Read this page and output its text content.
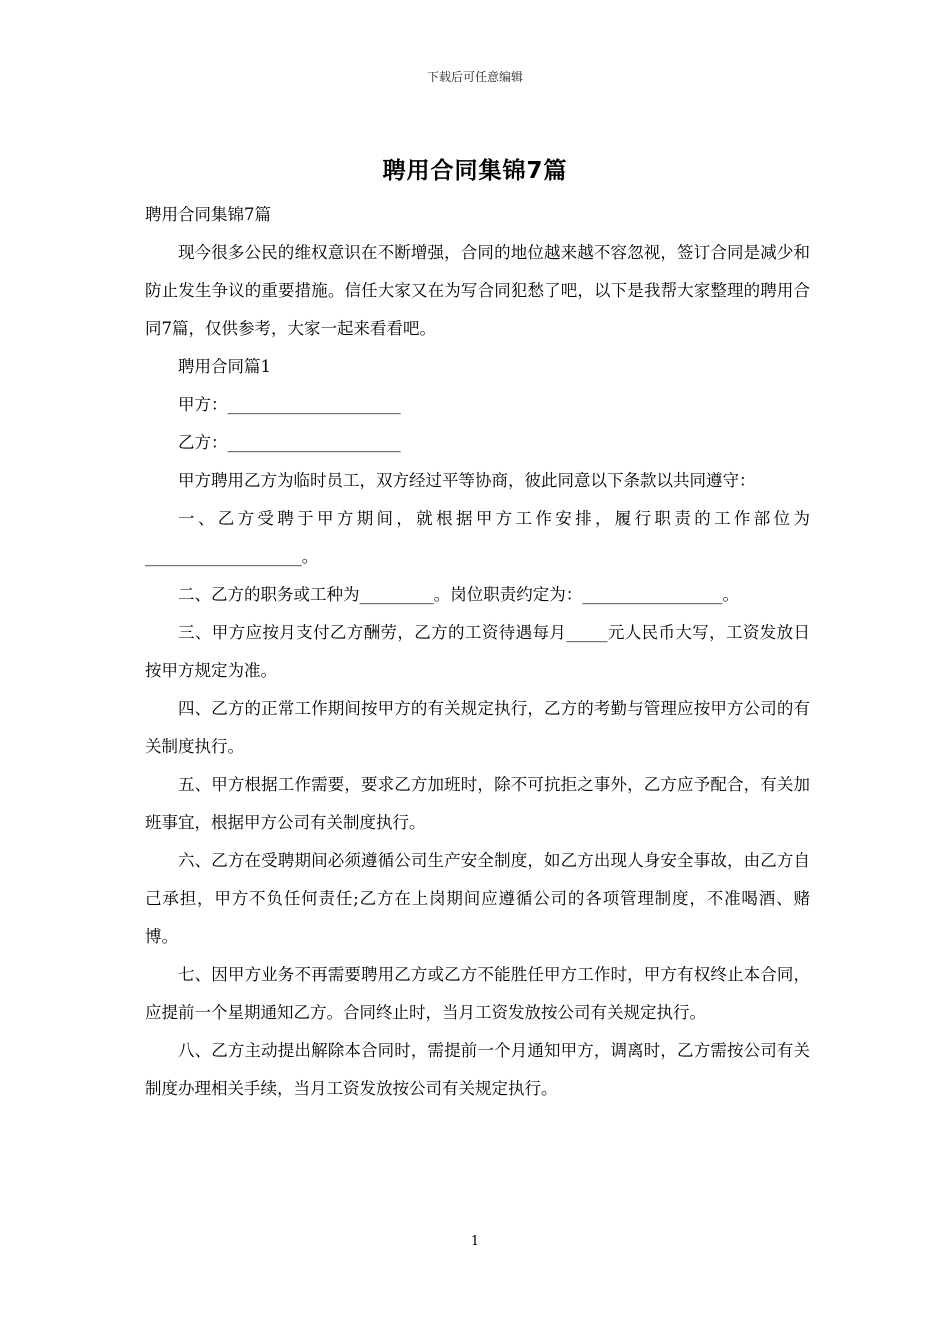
下载后可任意编辑
聘用合同集锦7篇

聘用合同集锦7篇

现今很多公民的维权意识在不断增强，合同的地位越来越不容忽视，签订合同是减少和防止发生争议的重要措施。信任大家又在为写合同犯愁了吧，以下是我帮大家整理的聘用合同7篇，仅供参考，大家一起来看看吧。

聘用合同篇1

甲方：_____________________

乙方：_____________________

甲方聘用乙方为临时员工，双方经过平等协商，彼此同意以下条款以共同遵守：

一、乙方受聘于甲方期间，就根据甲方工作安排，履行职责的工作部位为___________________。

二、乙方的职务或工种为_________。岗位职责约定为：_________________。

三、甲方应按月支付乙方酬劳，乙方的工资待遇每月_____元人民币大写，工资发放日按甲方规定为准。

四、乙方的正常工作期间按甲方的有关规定执行，乙方的考勤与管理应按甲方公司的有关制度执行。

五、甲方根据工作需要，要求乙方加班时，除不可抗拒之事外，乙方应予配合，有关加班事宜，根据甲方公司有关制度执行。

六、乙方在受聘期间必须遵循公司生产安全制度，如乙方出现人身安全事故，由乙方自己承担，甲方不负任何责任;乙方在上岗期间应遵循公司的各项管理制度，不准喝酒、赌博。

七、因甲方业务不再需要聘用乙方或乙方不能胜任甲方工作时，甲方有权终止本合同，应提前一个星期通知乙方。合同终止时，当月工资发放按公司有关规定执行。

八、乙方主动提出解除本合同时，需提前一个月通知甲方，调离时，乙方需按公司有关制度办理相关手续，当月工资发放按公司有关规定执行。

1
